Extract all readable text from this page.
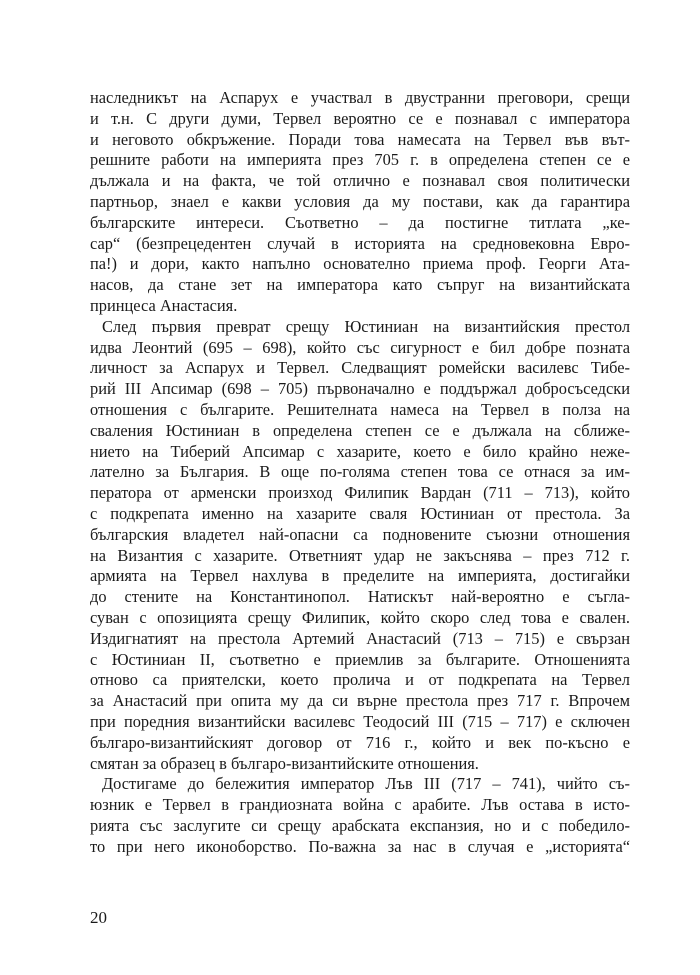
наследникът на Аспарух е участвал в двустранни преговори, срещи
и т.н. С други думи, Тервел вероятно се е познавал с императора
и неговото обкръжение. Поради това намесата на Тервел във вът-
решните работи на империята през 705 г. в определена степен се е
дължала и на факта, че той отлично е познавал своя политически
партньор, знаел е какви условия да му постави, как да гарантира
българските интереси. Съответно – да постигне титлата „ке-
сар“ (безпрецедентен случай в историята на средновековна Евро-
па!) и дори, както напълно основателно приема проф. Георги Ата-
насов, да стане зет на императора като съпруг на византийската
принцеса Анастасия.
След първия преврат срещу Юстиниан на византийския престол
идва Леонтий (695 – 698), който със сигурност е бил добре позната
личност за Аспарух и Тервел. Следващият ромейски василевс Тибе-
рий III Апсимар (698 – 705) първоначално е поддържал добросъседски
отношения с българите. Решителната намеса на Тервел в полза на
сваления Юстиниан в определена степен се е дължала на сближе-
нието на Тиберий Апсимар с хазарите, което е било крайно неже-
лателно за България. В още по-голяма степен това се отнася за им-
ператора от арменски произход Филипик Вардан (711 – 713), който
с подкрепата именно на хазарите сваля Юстиниан от престола. За
българския владетел най-опасни са подновените съюзни отношения
на Византия с хазарите. Ответният удар не закъснява – през 712 г.
армията на Тервел нахлува в пределите на империята, достигайки
до стените на Константинопол. Натискът най-вероятно е съгла-
суван с опозицията срещу Филипик, който скоро след това е свален.
Издигнатият на престола Артемий Анастасий (713 – 715) е свързан
с Юстиниан II, съответно е приемлив за българите. Отношенията
отново са приятелски, което пролича и от подкрепата на Тервел
за Анастасий при опита му да си върне престола през 717 г. Впрочем
при поредния византийски василевс Теодосий III (715 – 717) е сключен
българо-византийският договор от 716 г., който и век по-късно е
смятан за образец в българо-византийските отношения.
Достигаме до бележития император Лъв III (717 – 741), чийто съ-
юзник е Тервел в грандиозната война с арабите. Лъв остава в исто-
рията със заслугите си срещу арабската експанзия, но и с победило-
то при него иконоборство. По-важна за нас в случая е „историята“
20
